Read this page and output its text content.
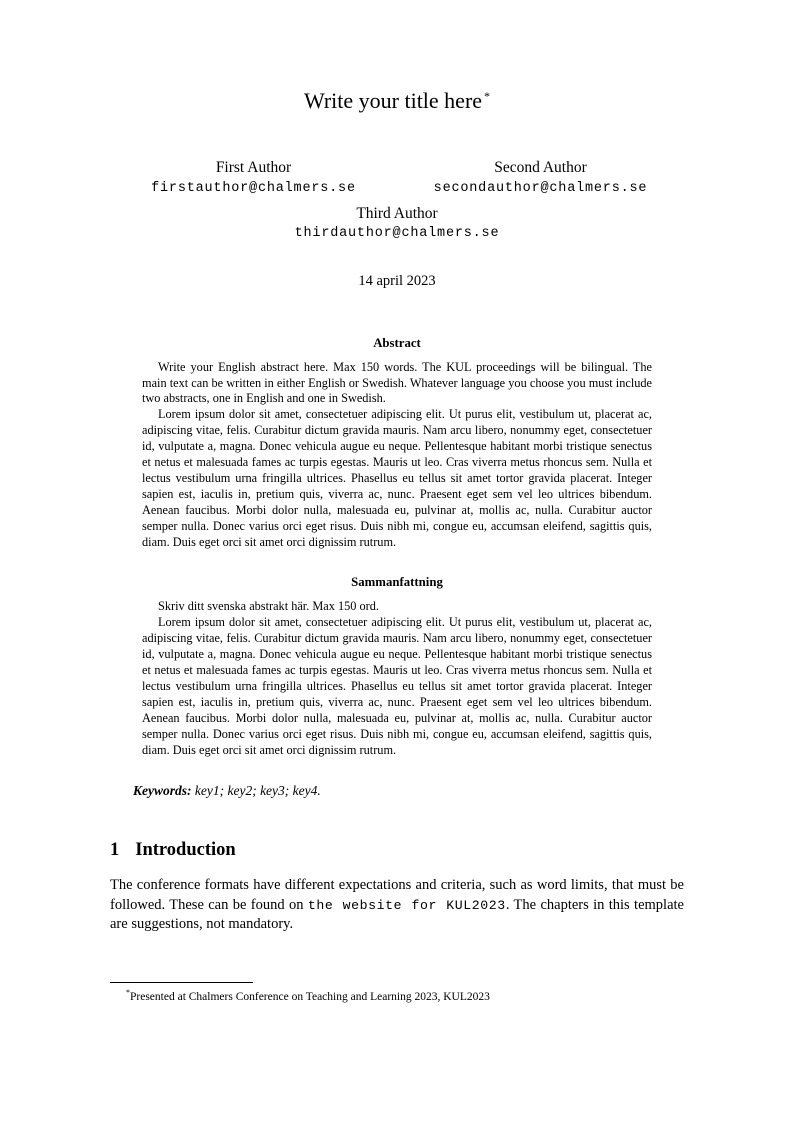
Write your title here *
First Author
firstauthor@chalmers.se
Second Author
secondauthor@chalmers.se
Third Author
thirdauthor@chalmers.se
14 april 2023
Abstract

Write your English abstract here. Max 150 words. The KUL proceedings will be bilingual. The main text can be written in either English or Swedish. Whatever language you choose you must include two abstracts, one in English and one in Swedish.

Lorem ipsum dolor sit amet, consectetuer adipiscing elit. Ut purus elit, vestibulum ut, placerat ac, adipiscing vitae, felis. Curabitur dictum gravida mauris. Nam arcu libero, nonummy eget, consectetuer id, vulputate a, magna. Donec vehicula augue eu neque. Pellentesque habitant morbi tristique senectus et netus et malesuada fames ac turpis egestas. Mauris ut leo. Cras viverra metus rhoncus sem. Nulla et lectus vestibulum urna fringilla ultrices. Phasellus eu tellus sit amet tortor gravida placerat. Integer sapien est, iaculis in, pretium quis, viverra ac, nunc. Praesent eget sem vel leo ultrices bibendum. Aenean faucibus. Morbi dolor nulla, malesuada eu, pulvinar at, mollis ac, nulla. Curabitur auctor semper nulla. Donec varius orci eget risus. Duis nibh mi, congue eu, accumsan eleifend, sagittis quis, diam. Duis eget orci sit amet orci dignissim rutrum.

Sammanfattning

Skriv ditt svenska abstrakt här. Max 150 ord.

Lorem ipsum dolor sit amet, consectetuer adipiscing elit. Ut purus elit, vestibulum ut, placerat ac, adipiscing vitae, felis. Curabitur dictum gravida mauris. Nam arcu libero, nonummy eget, consectetuer id, vulputate a, magna. Donec vehicula augue eu neque. Pellentesque habitant morbi tristique senectus et netus et malesuada fames ac turpis egestas. Mauris ut leo. Cras viverra metus rhoncus sem. Nulla et lectus vestibulum urna fringilla ultrices. Phasellus eu tellus sit amet tortor gravida placerat. Integer sapien est, iaculis in, pretium quis, viverra ac, nunc. Praesent eget sem vel leo ultrices bibendum. Aenean faucibus. Morbi dolor nulla, malesuada eu, pulvinar at, mollis ac, nulla. Curabitur auctor semper nulla. Donec varius orci eget risus. Duis nibh mi, congue eu, accumsan eleifend, sagittis quis, diam. Duis eget orci sit amet orci dignissim rutrum.

Keywords: key1; key2; key3; key4.

1 Introduction

The conference formats have different expectations and criteria, such as word limits, that must be followed. These can be found on the website for KUL2023. The chapters in this template are suggestions, not mandatory.

*Presented at Chalmers Conference on Teaching and Learning 2023, KUL2023
